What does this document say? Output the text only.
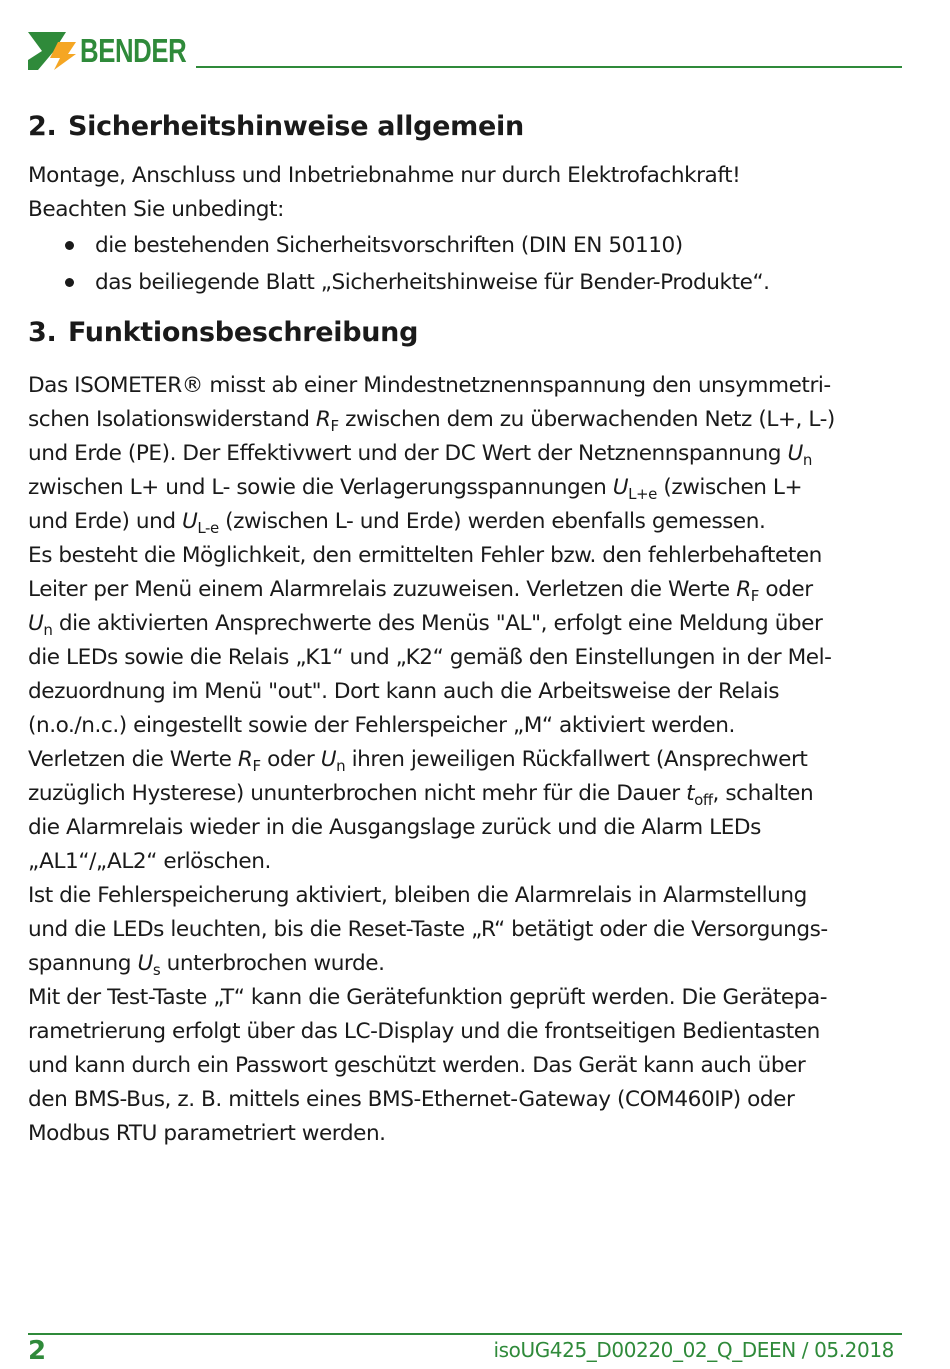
BENDER
2. Sicherheitshinweise allgemein

Montage, Anschluss und Inbetriebnahme nur durch Elektrofachkraft!

Beachten Sie unbedingt:

die bestehenden Sicherheitsvorschriften (DIN EN 50110)
das beiliegende Blatt „Sicherheitshinweise für Bender-Produkte“.
3. Funktionsbeschreibung

Das ISOMETER® misst ab einer Mindestnetznennspannung den unsymmetri-

schen Isolationswiderstand $R_F$ zwischen dem zu überwachenden Netz (L+, L-)

und Erde (PE). Der Effektivwert und der DC Wert der Netznennspannung $U_n$

zwischen L+ und L- sowie die Verlagerungsspannungen $U_{L+e}$ (zwischen L+

und Erde) und $U_{L-e}$ (zwischen L- und Erde) werden ebenfalls gemessen.

Es besteht die Möglichkeit, den ermittelten Fehler bzw. den fehlerbehafteten

Leiter per Menü einem Alarmrelais zuzuweisen. Verletzen die Werte $R_F$ oder

$U_n$ die aktivierten Ansprechwerte des Menüs "AL", erfolgt eine Meldung über

die LEDs sowie die Relais „K1“ und „K2“ gemäß den Einstellungen in der Mel-

dezuordnung im Menü "out". Dort kann auch die Arbeitsweise der Relais

(n.o./n.c.) eingestellt sowie der Fehlerspeicher „M“ aktiviert werden.

Verletzen die Werte $R_F$ oder $U_n$ ihren jeweiligen Rückfallwert (Ansprechwert

zuzüglich Hysterese) ununterbrochen nicht mehr für die Dauer $t_{off}$, schalten

die Alarmrelais wieder in die Ausgangslage zurück und die Alarm LEDs

„AL1“/„AL2“ erlöschen.

Ist die Fehlerspeicherung aktiviert, bleiben die Alarmrelais in Alarmstellung

und die LEDs leuchten, bis die Reset-Taste „R“ betätigt oder die Versorgungs-

spannung $U_s$ unterbrochen wurde.

Mit der Test-Taste „T“ kann die Gerätefunktion geprüft werden. Die Gerätepa-

rametrierung erfolgt über das LC-Display und die frontseitigen Bedientasten

und kann durch ein Passwort geschützt werden. Das Gerät kann auch über

den BMS-Bus, z. B. mittels eines BMS-Ethernet-Gateway (COM460IP) oder

Modbus RTU parametriert werden.

2	isoUG425_D00220_02_Q_DEEN / 05.2018
